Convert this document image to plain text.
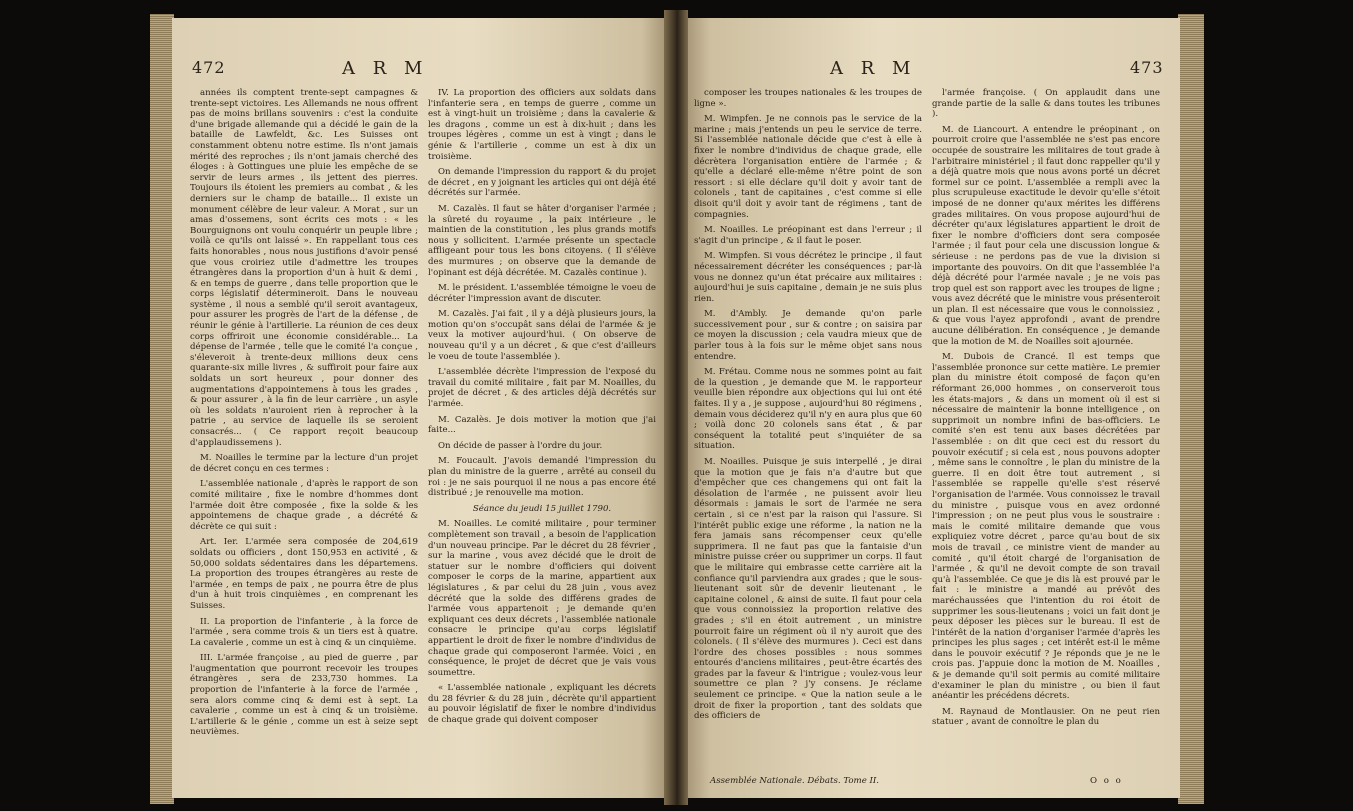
472	A R M

années ils comptent trente-sept campagnes & trente-sept victoires. Les Allemands ne nous offrent pas de moins brillans souvenirs : c'est la conduite d'une brigade allemande qui a décidé le gain de la bataille de Lawfeldt, &c. Les Suisses ont constamment obtenu notre estime. Ils n'ont jamais mérité des reproches ; ils n'ont jamais cherché des éloges : à Gottingues une pluie les empêche de se servir de leurs armes , ils jettent des pierres. Toujours ils étoient les premiers au combat , & les derniers sur le champ de bataille... Il existe un monument célèbre de leur valeur. A Morat , sur un amas d'ossemens, sont écrits ces mots : « les Bourguignons ont voulu conquérir un peuple libre ; voilà ce qu'ils ont laissé ». En rappellant tous ces faits honorables , nous nous justifions d'avoir pensé que vous croiriez utile d'admettre les troupes étrangères dans la proportion d'un à huit & demi , & en temps de guerre , dans telle proportion que le corps législatif détermineroit. Dans le nouveau système , il nous a semblé qu'il seroit avantageux, pour assurer les progrès de l'art de la défense , de réunir le génie à l'artillerie. La réunion de ces deux corps offriroit une économie considérable... La dépense de l'armée , telle que le comité l'a conçue , s'éleveroit à trente-deux millions deux cens quarante-six mille livres , & suffiroit pour faire aux soldats un sort heureux , pour donner des augmentations d'appointemens à tous les grades , & pour assurer , à la fin de leur carrière , un asyle où les soldats n'auroient rien à reprocher à la patrie , au service de laquelle ils se seroient consacrés... ( Ce rapport reçoit beaucoup d'applaudissemens ).

M. Noailles le termine par la lecture d'un projet de décret conçu en ces termes :

L'assemblée nationale , d'après le rapport de son comité militaire , fixe le nombre d'hommes dont l'armée doit être composée , fixe la solde & les appointemens de chaque grade , a décrété & décrète ce qui suit :

Art. Ier. L'armée sera composée de 204,619 soldats ou officiers , dont 150,953 en activité , & 50,000 soldats sédentaires dans les départemens. La proportion des troupes étrangères au reste de l'armée , en temps de paix , ne pourra être de plus d'un à huit trois cinquièmes , en comprenant les Suisses.

II. La proportion de l'infanterie , à la force de l'armée , sera comme trois & un tiers est à quatre. La cavalerie , comme un est à cinq & un cinquième.

III. L'armée françoise , au pied de guerre , par l'augmentation que pourront recevoir les troupes étrangères , sera de 233,730 hommes. La proportion de l'infanterie à la force de l'armée , sera alors comme cinq & demi est à sept. La cavalerie , comme un est à cinq & un troisième. L'artillerie & le génie , comme un est à seize sept neuvièmes.

IV. La proportion des officiers aux soldats dans l'infanterie sera , en temps de guerre , comme un est à vingt-huit un troisième ; dans la cavalerie & les dragons , comme un est à dix-huit ; dans les troupes légères , comme un est à vingt ; dans le génie & l'artillerie , comme un est à dix un troisième.

On demande l'impression du rapport & du projet de décret , en y joignant les articles qui ont déjà été décrétés sur l'armée.

M. Cazalès. Il faut se hâter d'organiser l'armée ; la sûreté du royaume , la paix intérieure , le maintien de la constitution , les plus grands motifs nous y sollicitent. L'armée présente un spectacle affligeant pour tous les bons citoyens. ( Il s'élève des murmures ; on observe que la demande de l'opinant est déjà décrétée. M. Cazalès continue ).

M. le président. L'assemblée témoigne le voeu de décréter l'impression avant de discuter.

M. Cazalès. J'ai fait , il y a déjà plusieurs jours, la motion qu'on s'occupât sans délai de l'armée & je veux la motiver aujourd'hui. ( On observe de nouveau qu'il y a un décret , & que c'est d'ailleurs le voeu de toute l'assemblée ).

L'assemblée décrète l'impression de l'exposé du travail du comité militaire , fait par M. Noailles, du projet de décret , & des articles déjà décrétés sur l'armée.

M. Cazalès. Je dois motiver la motion que j'ai faite...

On décide de passer à l'ordre du jour.

M. Foucault. J'avois demandé l'impression du plan du ministre de la guerre , arrêté au conseil du roi : je ne sais pourquoi il ne nous a pas encore été distribué ; je renouvelle ma motion.

Séance du jeudi 15 juillet 1790.

M. Noailles. Le comité militaire , pour terminer complètement son travail , a besoin de l'application d'un nouveau principe. Par le décret du 28 février , sur la marine , vous avez décidé que le droit de statuer sur le nombre d'officiers qui doivent composer le corps de la marine, appartient aux législatures , & par celui du 28 juin , vous avez décrété que la solde des différens grades de l'armée vous appartenoit ; je demande qu'en expliquant ces deux décrets , l'assemblée nationale consacre le principe qu'au corps législatif appartient le droit de fixer le nombre d'individus de chaque grade qui composeront l'armée. Voici , en conséquence, le projet de décret que je vais vous soumettre.

« L'assemblée nationale , expliquant les décrets du 28 février & du 28 juin , décrète qu'il appartient au pouvoir législatif de fixer le nombre d'individus de chaque grade qui doivent composer

A R M	473

composer les troupes nationales & les troupes de ligne ».

M. Wimpfen. Je ne connois pas le service de la marine ; mais j'entends un peu le service de terre. Si l'assemblée nationale décide que c'est à elle à fixer le nombre d'individus de chaque grade, elle décrètera l'organisation entière de l'armée ; & qu'elle a déclaré elle-même n'être point de son ressort : si elle déclare qu'il doit y avoir tant de colonels , tant de capitaines , c'est comme si elle disoit qu'il doit y avoir tant de régimens , tant de compagnies.

M. Noailles. Le préopinant est dans l'erreur ; il s'agit d'un principe , & il faut le poser.

M. Wimpfen. Si vous décrétez le principe , il faut nécessairement décréter les conséquences ; par-là vous ne donnez qu'un état précaire aux militaires : aujourd'hui je suis capitaine , demain je ne suis plus rien.

M. d'Ambly. Je demande qu'on parle successivement pour , sur & contre ; on saisira par ce moyen la discussion ; cela vaudra mieux que de parler tous à la fois sur le même objet sans nous entendre.

M. Frétau. Comme nous ne sommes point au fait de la question , je demande que M. le rapporteur veuille bien répondre aux objections qui lui ont été faites. Il y a , je suppose , aujourd'hui 80 régimens , demain vous déciderez qu'il n'y en aura plus que 60 ; voilà donc 20 colonels sans état , & par conséquent la totalité peut s'inquiéter de sa situation.

M. Noailles. Puisque je suis interpellé , je dirai que la motion que je fais n'a d'autre but que d'empêcher que ces changemens qui ont fait la désolation de l'armée , ne puissent avoir lieu désormais : jamais le sort de l'armée ne sera certain , si ce n'est par la raison qui l'assure. Si l'intérêt public exige une réforme , la nation ne la fera jamais sans récompenser ceux qu'elle supprimera. Il ne faut pas que la fantaisie d'un ministre puisse créer ou supprimer un corps. Il faut que le militaire qui embrasse cette carrière ait la confiance qu'il parviendra aux grades ; que le sous-lieutenant soit sûr de devenir lieutenant , le capitaine colonel , & ainsi de suite. Il faut pour cela que vous connoissiez la proportion relative des grades ; s'il en étoit autrement , un ministre pourroit faire un régiment où il n'y auroit que des colonels. ( Il s'élève des murmures ). Ceci est dans l'ordre des choses possibles : nous sommes entourés d'anciens militaires , peut-être écartés des grades par la faveur & l'intrigue ; voulez-vous leur soumettre ce plan ? j'y consens. Je réclame seulement ce principe. « Que la nation seule a le droit de fixer la proportion , tant des soldats que des officiers de

l'armée françoise. ( On applaudit dans une grande partie de la salle & dans toutes les tribunes ).

M. de Liancourt. A entendre le préopinant , on pourroit croire que l'assemblée ne s'est pas encore occupée de soustraire les militaires de tout grade à l'arbitraire ministériel ; il faut donc rappeller qu'il y a déjà quatre mois que nous avons porté un décret formel sur ce point. L'assemblée a rempli avec la plus scrupuleuse exactitude le devoir qu'elle s'étoit imposé de ne donner qu'aux mérites les différens grades militaires. On vous propose aujourd'hui de décréter qu'aux législatures appartient le droit de fixer le nombre d'officiers dont sera composée l'armée ; il faut pour cela une discussion longue & sérieuse : ne perdons pas de vue la division si importante des pouvoirs. On dit que l'assemblée l'a déjà décrété pour l'armée navale ; je ne vois pas trop quel est son rapport avec les troupes de ligne ; vous avez décrété que le ministre vous présenteroit un plan. Il est nécessaire que vous le connoissiez , & que vous l'ayez approfondi , avant de prendre aucune délibération. En conséquence , je demande que la motion de M. de Noailles soit ajournée.

M. Dubois de Crancé. Il est temps que l'assemblée prononce sur cette matière. Le premier plan du ministre étoit composé de façon qu'en réformant 26,000 hommes , on conserveroit tous les états-majors , & dans un moment où il est si nécessaire de maintenir la bonne intelligence , on supprimoit un nombre infini de bas-officiers. Le comité s'en est tenu aux bases décrétées par l'assemblée : on dit que ceci est du ressort du pouvoir exécutif ; si cela est , nous pouvons adopter , même sans le connoître , le plan du ministre de la guerre. Il en doit être tout autrement , si l'assemblée se rappelle qu'elle s'est réservé l'organisation de l'armée. Vous connoissez le travail du ministre , puisque vous en avez ordonné l'impression ; on ne peut plus vous le soustraire : mais le comité militaire demande que vous expliquiez votre décret , parce qu'au bout de six mois de travail , ce ministre vient de mander au comité , qu'il étoit chargé de l'organisation de l'armée , & qu'il ne devoit compte de son travail qu'à l'assemblée. Ce que je dis là est prouvé par le fait : le ministre a mandé au prévôt des maréchaussées que l'intention du roi étoit de supprimer les sous-lieutenans ; voici un fait dont je peux déposer les pièces sur le bureau. Il est de l'intérêt de la nation d'organiser l'armée d'après les principes les plus sages ; cet intérêt est-il le même dans le pouvoir exécutif ? Je réponds que je ne le crois pas. J'appuie donc la motion de M. Noailles , & je demande qu'il soit permis au comité militaire d'examiner le plan du ministre , ou bien il faut anéantir les précédens décrets.

M. Raynaud de Montlausier. On ne peut rien statuer , avant de connoître le plan du

Assemblée Nationale. Débats. Tome II.	O o o
